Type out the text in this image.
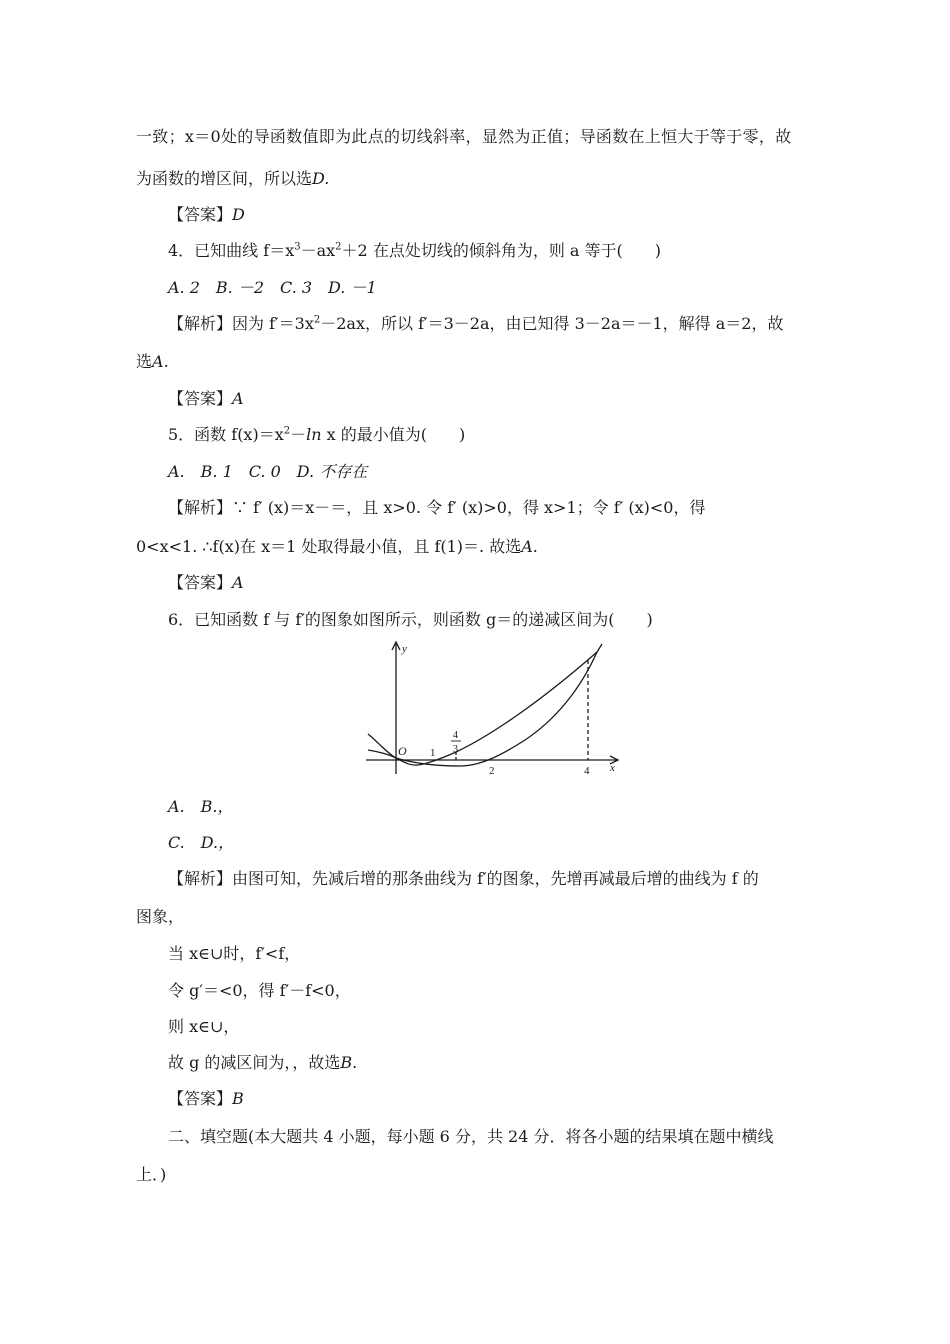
一致；x＝0处的导函数值即为此点的切线斜率，显然为正值；导函数在上恒大于等于零，故
为函数的增区间，所以选D.
【答案】D
4．已知曲线 $f=x^3-ax^2+2$ 在点处切线的倾斜角为，则 a 等于(　　)
A. 2　B. －2　C. 3　D. －1
【解析】因为 $f'=3x^2-2ax$，所以 f′＝3－2a，由已知得 3－2a＝－1，解得 a＝2，故
选A.
【答案】A
5．函数 $f(x)=x^2-\ln$ x 的最小值为(　　)
A.　B. 1　C. 0　D. 不存在
【解析】∵ f′ (x)＝x－＝，且 x>0. 令 f′ (x)>0，得 x>1；令 f′ (x)<0，得
0<x<1. ∴f(x)在 x＝1 处取得最小值，且 f(1)＝. 故选A.
【答案】A
6．已知函数 f 与 f′的图象如图所示，则函数 g＝的递减区间为(　　)
y
x
O 1
4
3
2	4
A.　B.，
C.　D.，
【解析】由图可知，先减后增的那条曲线为 f′的图象，先增再减最后增的曲线为 f 的
图象，
当 x∈∪时，f′<f，
令 g′＝<0，得 f′－f<0，
则 x∈∪，
故 g 的减区间为，，故选B.
【答案】B
二、填空题(本大题共 4 小题，每小题 6 分，共 24 分．将各小题的结果填在题中横线
上．)
